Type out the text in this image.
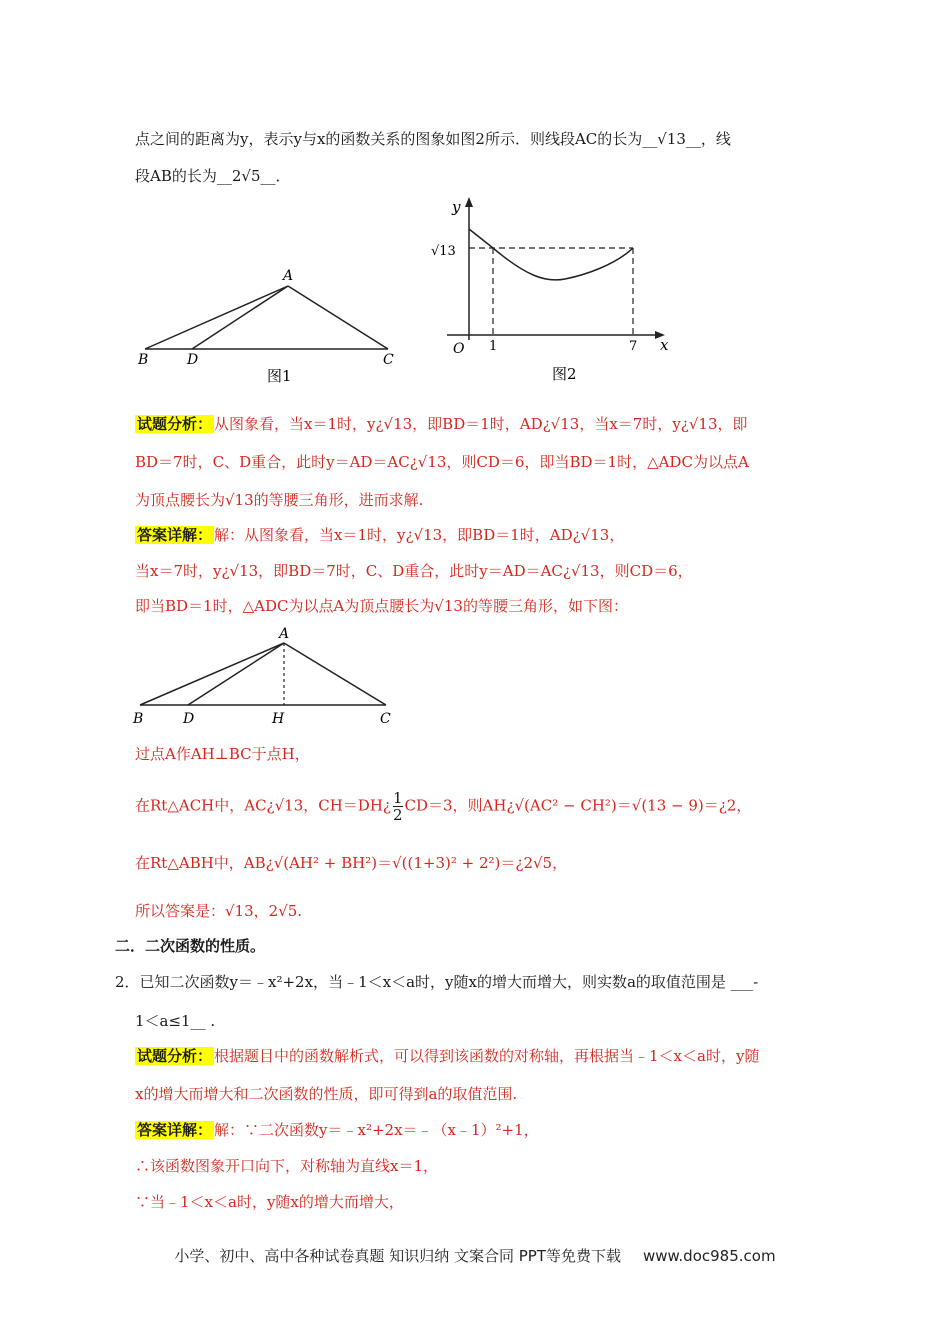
点之间的距离为y，表示y与x的函数关系的图象如图2所示．则线段AC的长为__√13__，线
段AB的长为__2√5__．
A
B	D	C
图1
y
x
O
√13
1	7
图2
试题分析： 从图象看，当x＝1时，y¿√13，即BD＝1时，AD¿√13，当x＝7时，y¿√13，即
BD＝7时，C、D重合，此时y＝AD＝AC¿√13，则CD＝6，即当BD＝1时，△ADC为以点A
为顶点腰长为√13的等腰三角形，进而求解.
答案详解： 解：从图象看，当x＝1时，y¿√13，即BD＝1时，AD¿√13，
当x＝7时，y¿√13，即BD＝7时，C、D重合，此时y＝AD＝AC¿√13，则CD＝6，
即当BD＝1时，△ADC为以点A为顶点腰长为√13的等腰三角形，如下图：
A
B	D	H	C
过点A作AH⊥BC于点H，
在Rt△ACH中，AC¿√13，CH＝DH¿ $\frac{1}{2} CD=3$，则AH¿√(AC² − CH²)＝√(13 − 9)＝¿2，
在Rt△ABH中，AB¿√(AH² + BH²)＝√((1+3)² + 2²)＝¿2√5，
所以答案是：√13，2√5.
二．二次函数的性质。
2．已知二次函数y＝﹣x²+2x，当﹣1＜x＜a时，y随x的增大而增大，则实数a的取值范围是 ___-
1＜a≤1__ .
试题分析： 根据题目中的函数解析式，可以得到该函数的对称轴，再根据当﹣1＜x＜a时，y随
x的增大而增大和二次函数的性质，即可得到a的取值范围.
答案详解： 解：∵二次函数y＝﹣x²+2x＝﹣（x﹣1）²+1，
∴该函数图象开口向下，对称轴为直线x＝1，
∵当﹣1＜x＜a时，y随x的增大而增大，
小学、初中、高中各种试卷真题 知识归纳 文案合同 PPT等免费下载 www.doc985.com
